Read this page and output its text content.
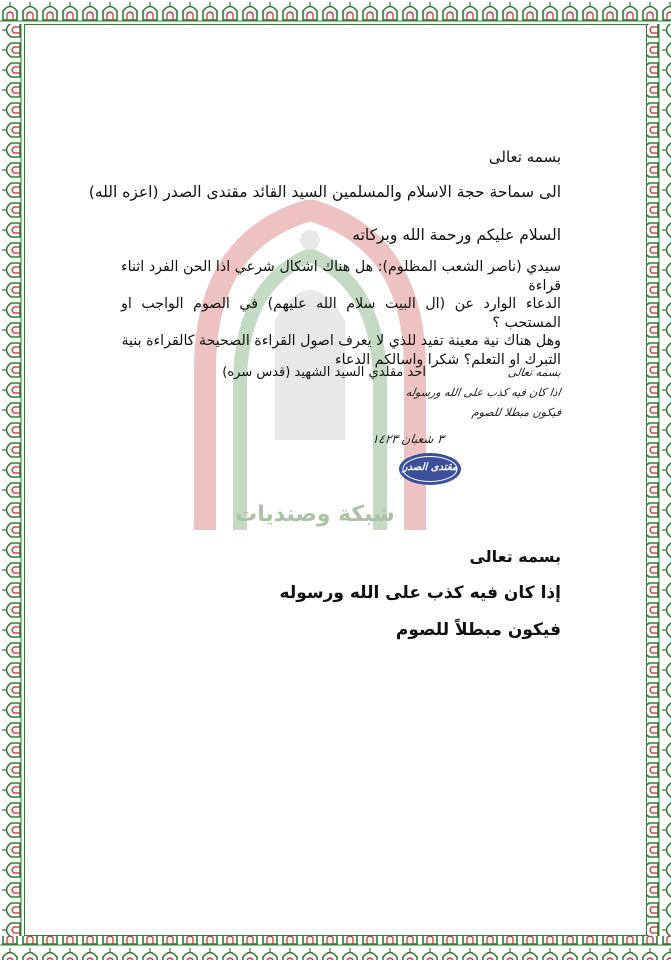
شبكة وصنديات
بسمه تعالى
الى سماحة حجة الاسلام والمسلمين السيد القائد مقتدى الصدر (اعزه الله)
السلام عليكم ورحمة الله وبركاته

سيدي (ناصر الشعب المظلوم): هل هناك اشكال شرعي اذا الحن الفرد اثناء قراءة

الدعاء الوارد عن (ال البيت سلام الله عليهم) في الصوم الواجب او المستحب ؟

وهل هناك نية معينة تفيد للذي لا يعرف اصول القراءة الصحيحة كالقراءة بنية

التبرك او التعلم؟ شكرا واسالكم الدعاء

احد مقلدي السيد الشهيد (قدس سره)	بسمه تعالى
اذا كان فيه كذب على الله ورسوله
فيكون مبطلا للصوم
٣ شعبان ١٤٢٣
مقتدى الصدر
بسمه تعالى
إذا كان فيه كذب على الله ورسوله
فيكون مبطلاً للصوم
